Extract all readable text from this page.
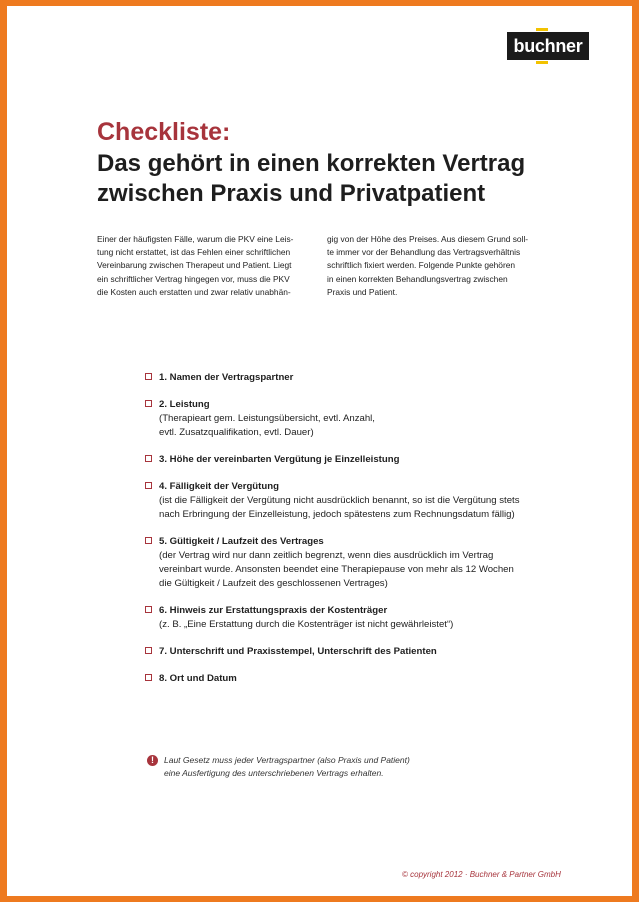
buchner
Checkliste:
Das gehört in einen korrekten Vertrag
zwischen Praxis und Privatpatient
Einer der häufigsten Fälle, warum die PKV eine Leis-
tung nicht erstattet, ist das Fehlen einer schriftlichen
Vereinbarung zwischen Therapeut und Patient. Liegt
ein schriftlicher Vertrag hingegen vor, muss die PKV
die Kosten auch erstatten und zwar relativ unabhän-
gig von der Höhe des Preises. Aus diesem Grund soll-
te immer vor der Behandlung das Vertragsverhältnis
schriftlich fixiert werden. Folgende Punkte gehören
in einen korrekten Behandlungsvertrag zwischen
Praxis und Patient.
1. Namen der Vertragspartner
2. Leistung
(Therapieart gem. Leistungsübersicht, evtl. Anzahl,
evtl. Zusatzqualifikation, evtl. Dauer)
3. Höhe der vereinbarten Vergütung je Einzelleistung
4. Fälligkeit der Vergütung
(ist die Fälligkeit der Vergütung nicht ausdrücklich benannt, so ist die Vergütung stets
nach Erbringung der Einzelleistung, jedoch spätestens zum Rechnungsdatum fällig)
5. Gültigkeit / Laufzeit des Vertrages
(der Vertrag wird nur dann zeitlich begrenzt, wenn dies ausdrücklich im Vertrag
vereinbart wurde. Ansonsten beendet eine Therapiepause von mehr als 12 Wochen
die Gültigkeit / Laufzeit des geschlossenen Vertrages)
6. Hinweis zur Erstattungspraxis der Kostenträger
(z. B. „Eine Erstattung durch die Kostenträger ist nicht gewährleistet“)
7. Unterschrift und Praxisstempel, Unterschrift des Patienten
8. Ort und Datum
!	Laut Gesetz muss jeder Vertragspartner (also Praxis und Patient)
eine Ausfertigung des unterschriebenen Vertrags erhalten.
© copyright 2012 · Buchner & Partner GmbH
